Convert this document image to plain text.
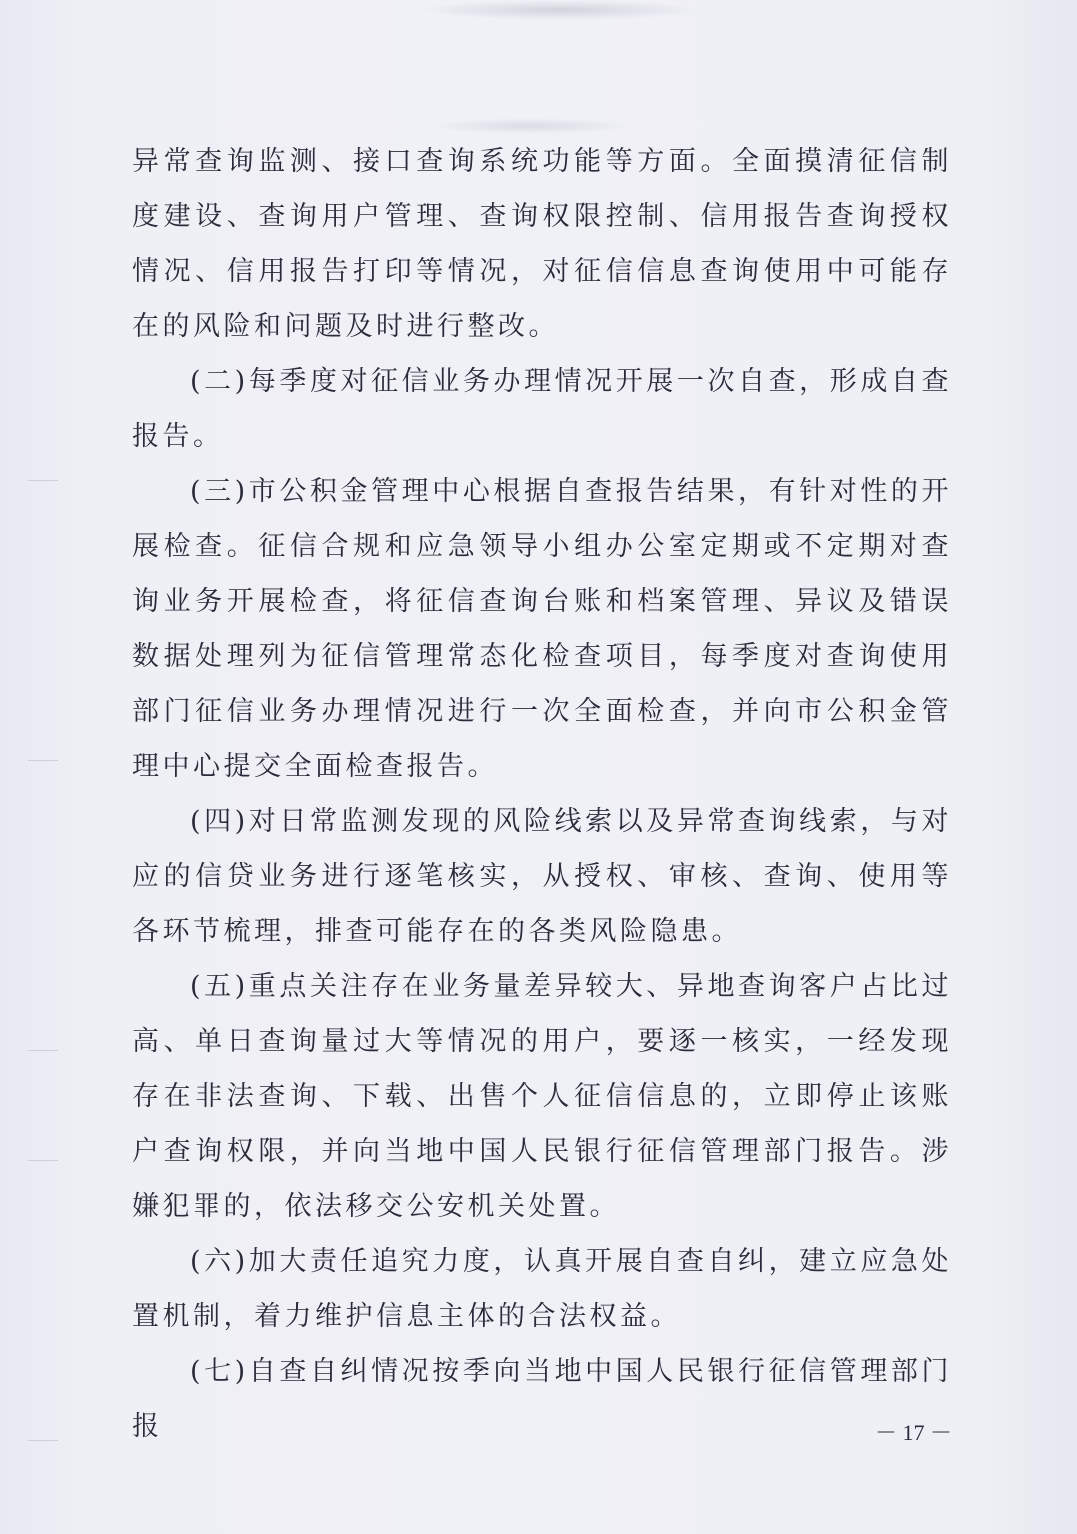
异常查询监测、接口查询系统功能等方面。全面摸清征信制度建设、查询用户管理、查询权限控制、信用报告查询授权情况、信用报告打印等情况，对征信信息查询使用中可能存在的风险和问题及时进行整改。

(二)每季度对征信业务办理情况开展一次自查，形成自查报告。

(三)市公积金管理中心根据自查报告结果，有针对性的开展检查。征信合规和应急领导小组办公室定期或不定期对查询业务开展检查，将征信查询台账和档案管理、异议及错误数据处理列为征信管理常态化检查项目，每季度对查询使用部门征信业务办理情况进行一次全面检查，并向市公积金管理中心提交全面检查报告。

(四)对日常监测发现的风险线索以及异常查询线索，与对应的信贷业务进行逐笔核实，从授权、审核、查询、使用等各环节梳理，排查可能存在的各类风险隐患。

(五)重点关注存在业务量差异较大、异地查询客户占比过高、单日查询量过大等情况的用户，要逐一核实，一经发现存在非法查询、下载、出售个人征信信息的，立即停止该账户查询权限，并向当地中国人民银行征信管理部门报告。涉嫌犯罪的，依法移交公安机关处置。

(六)加大责任追究力度，认真开展自查自纠，建立应急处置机制，着力维护信息主体的合法权益。

(七)自查自纠情况按季向当地中国人民银行征信管理部门报	－ 17 －
